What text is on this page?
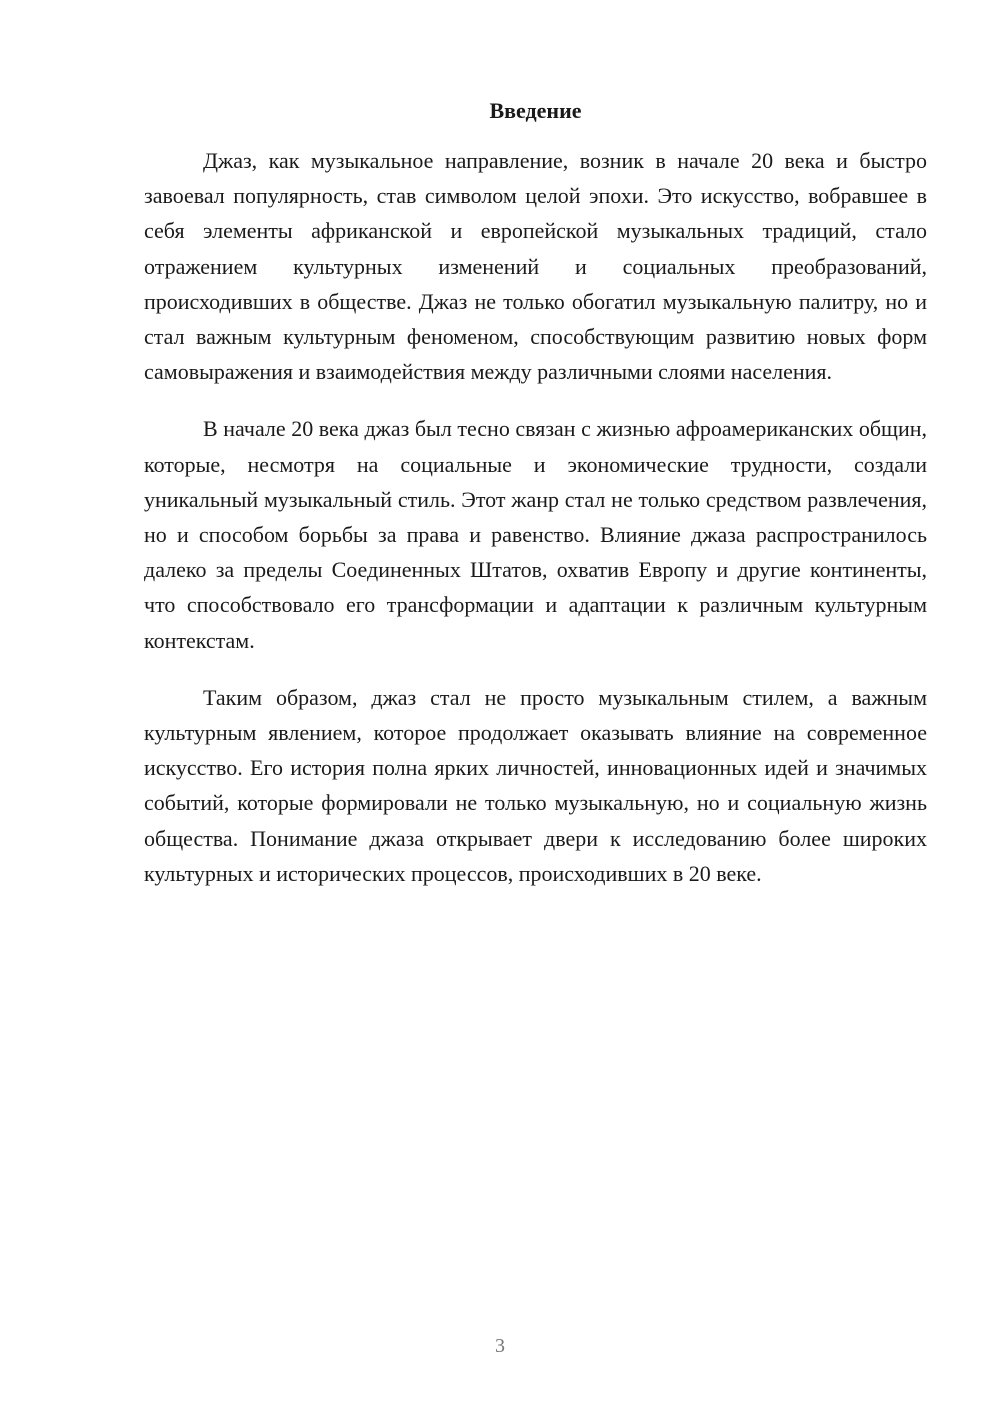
Введение

Джаз, как музыкальное направление, возник в начале 20 века и быстро завоевал популярность, став символом целой эпохи. Это искусство, вобравшее в себя элементы африканской и европейской музыкальных традиций, стало отражением культурных изменений и социальных преобразований, происходивших в обществе. Джаз не только обогатил музыкальную палитру, но и стал важным культурным феноменом, способствующим развитию новых форм самовыражения и взаимодействия между различными слоями населения.

В начале 20 века джаз был тесно связан с жизнью афроамериканских общин, которые, несмотря на социальные и экономические трудности, создали уникальный музыкальный стиль. Этот жанр стал не только средством развлечения, но и способом борьбы за права и равенство. Влияние джаза распространилось далеко за пределы Соединенных Штатов, охватив Европу и другие континенты, что способствовало его трансформации и адаптации к различным культурным контекстам.

Таким образом, джаз стал не просто музыкальным стилем, а важным культурным явлением, которое продолжает оказывать влияние на современное искусство. Его история полна ярких личностей, инновационных идей и значимых событий, которые формировали не только музыкальную, но и социальную жизнь общества. Понимание джаза открывает двери к исследованию более широких культурных и исторических процессов, происходивших в 20 веке.

3
